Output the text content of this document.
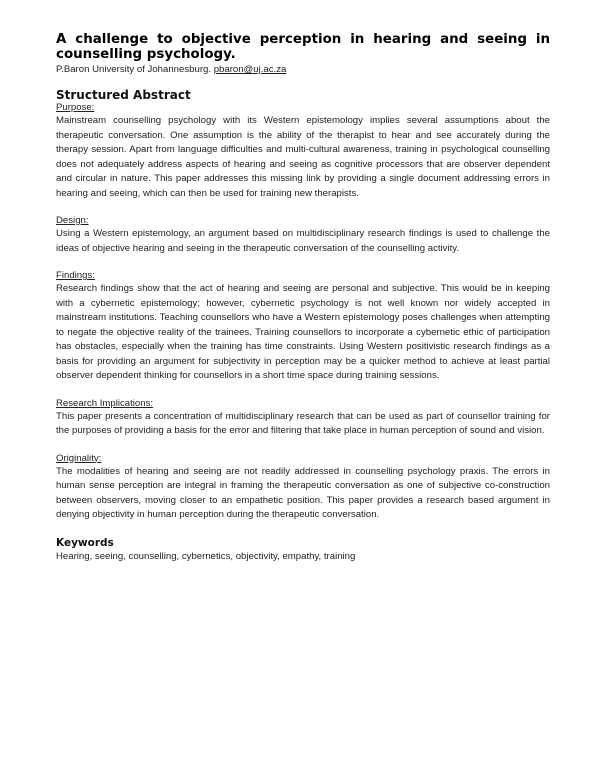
A challenge to objective perception in hearing and seeing in counselling psychology.
P.Baron University of Johannesburg. pbaron@uj.ac.za
Structured Abstract
Purpose:

Mainstream counselling psychology with its Western epistemology implies several assumptions about the therapeutic conversation. One assumption is the ability of the therapist to hear and see accurately during the therapy session. Apart from language difficulties and multi-cultural awareness, training in psychological counselling does not adequately address aspects of hearing and seeing as cognitive processors that are observer dependent and circular in nature. This paper addresses this missing link by providing a single document addressing errors in hearing and seeing, which can then be used for training new therapists.

Design:

Using a Western epistemology, an argument based on multidisciplinary research findings is used to challenge the ideas of objective hearing and seeing in the therapeutic conversation of the counselling activity.

Findings:

Research findings show that the act of hearing and seeing are personal and subjective. This would be in keeping with a cybernetic epistemology; however, cybernetic psychology is not well known nor widely accepted in mainstream institutions. Teaching counsellors who have a Western epistemology poses challenges when attempting to negate the objective reality of the trainees. Training counsellors to incorporate a cybernetic ethic of participation has obstacles, especially when the training has time constraints. Using Western positivistic research findings as a basis for providing an argument for subjectivity in perception may be a quicker method to achieve at least partial observer dependent thinking for counsellors in a short time space during training sessions.

Research Implications:

This paper presents a concentration of multidisciplinary research that can be used as part of counsellor training for the purposes of providing a basis for the error and filtering that take place in human perception of sound and vision.

Originality:

The modalities of hearing and seeing are not readily addressed in counselling psychology praxis. The errors in human sense perception are integral in framing the therapeutic conversation as one of subjective co-construction between observers, moving closer to an empathetic position. This paper provides a research based argument in denying objectivity in human perception during the therapeutic conversation.

Keywords
Hearing, seeing, counselling, cybernetics, objectivity, empathy, training
